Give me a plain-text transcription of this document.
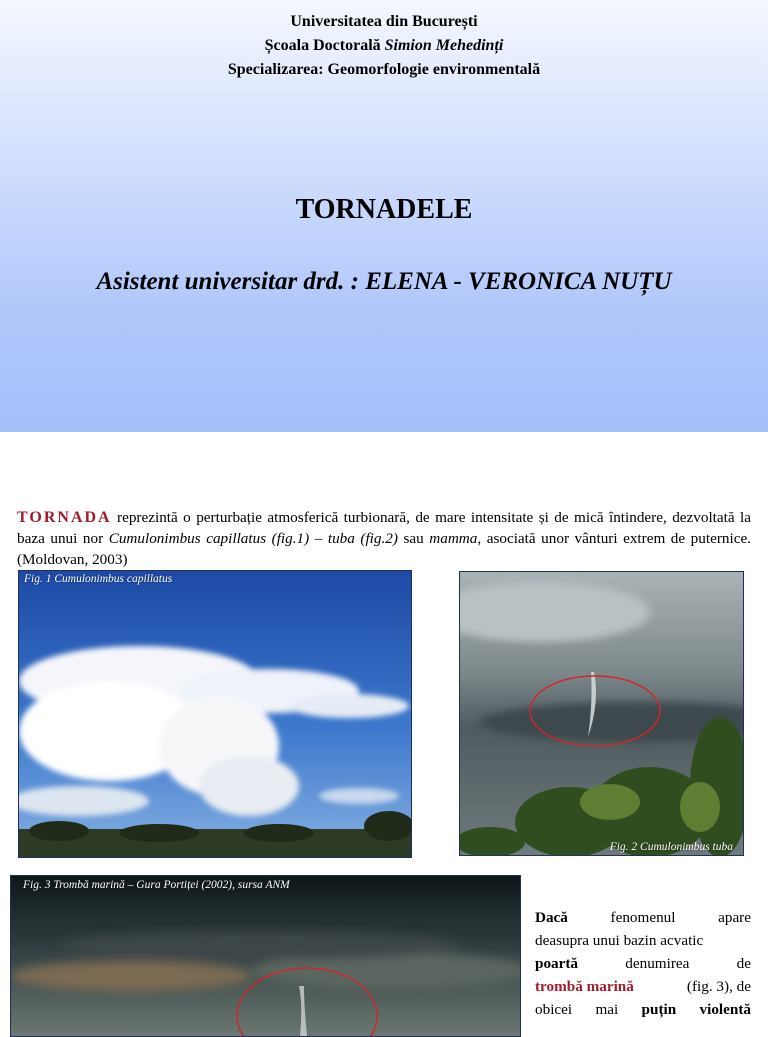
Universitatea din București
Școala Doctorală Simion Mehedinți
Specializarea: Geomorfologie environmentală
TORNADELE
Asistent universitar drd. : ELENA - VERONICA NUȚU
TORNADA reprezintă o perturbație atmosferică turbionară, de mare intensitate și de mică întindere, dezvoltată la baza unui nor Cumulonimbus capillatus (fig.1) – tuba (fig.2) sau mamma, asociată unor vânturi extrem de puternice. (Moldovan, 2003)
Fig. 1 Cumulonimbus capillatus
Fig. 2 Cumulonimbus tuba
Fig. 3 Trombă marină – Gura Portiței (2002), sursa ANM
Dacă	fenomenul	apare
deasupra unui bazin acvatic
poartă	denumirea	de
trombă marină	(fig. 3), de
obicei mai puțin violentă
